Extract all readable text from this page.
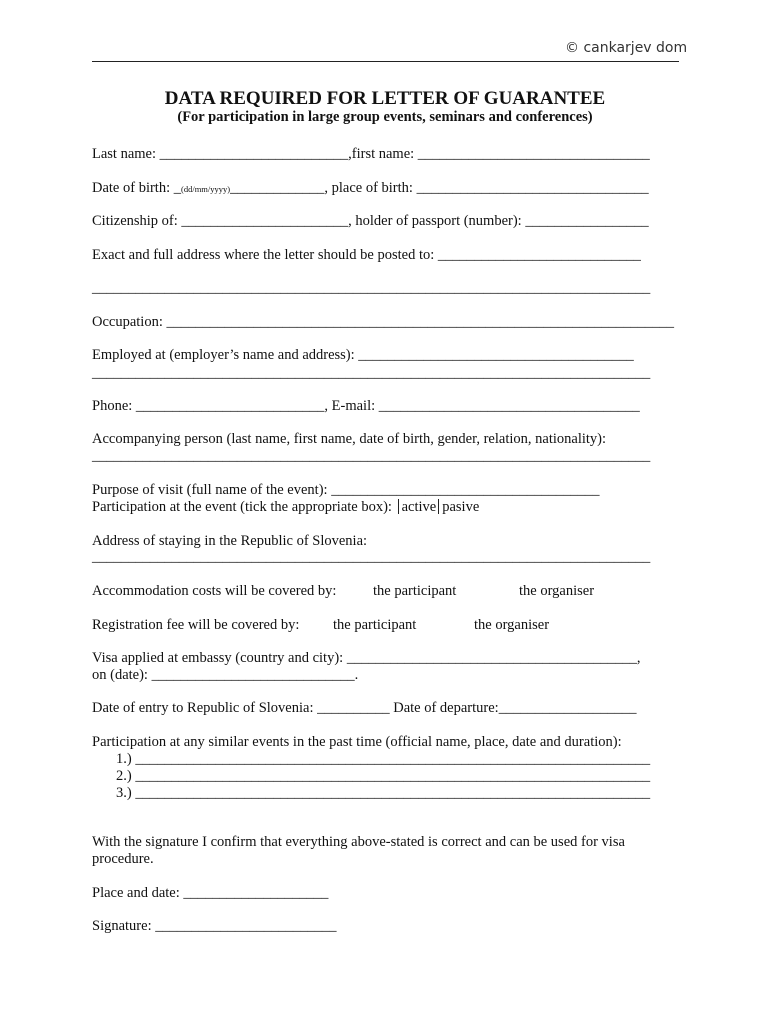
© cankarjev dom
DATA REQUIRED FOR LETTER OF GUARANTEE
(For participation in large group events, seminars and conferences)
Last name: __________________________,first name: ________________________________
Date of birth: _(dd/mm/yyyy)_____________, place of birth: ________________________________
Citizenship of: _______________________, holder of passport (number): _________________
Exact and full address where the letter should be posted to: ____________________________
_____________________________________________________________________________
Occupation: ______________________________________________________________________
Employed at (employer’s name and address): ______________________________________
_____________________________________________________________________________
Phone: __________________________, E-mail: ____________________________________
Accompanying person (last name, first name, date of birth, gender, relation, nationality):
_____________________________________________________________________________
Purpose of visit (full name of the event): _____________________________________
Participation at the event (tick the appropriate box): active pasive
Address of staying in the Republic of Slovenia:
_____________________________________________________________________________
Accommodation costs will be covered by:	the participant	the organiser
Registration fee will be covered by: the participant	the organiser
Visa applied at embassy (country and city): ________________________________________,
on (date): ____________________________.
Date of entry to Republic of Slovenia: __________ Date of departure:___________________
Participation at any similar events in the past time (official name, place, date and duration):
1.) _______________________________________________________________________
2.) _______________________________________________________________________
3.) _______________________________________________________________________
With the signature I confirm that everything above-stated is correct and can be used for visa
procedure.
Place and date: ____________________
Signature: _________________________
